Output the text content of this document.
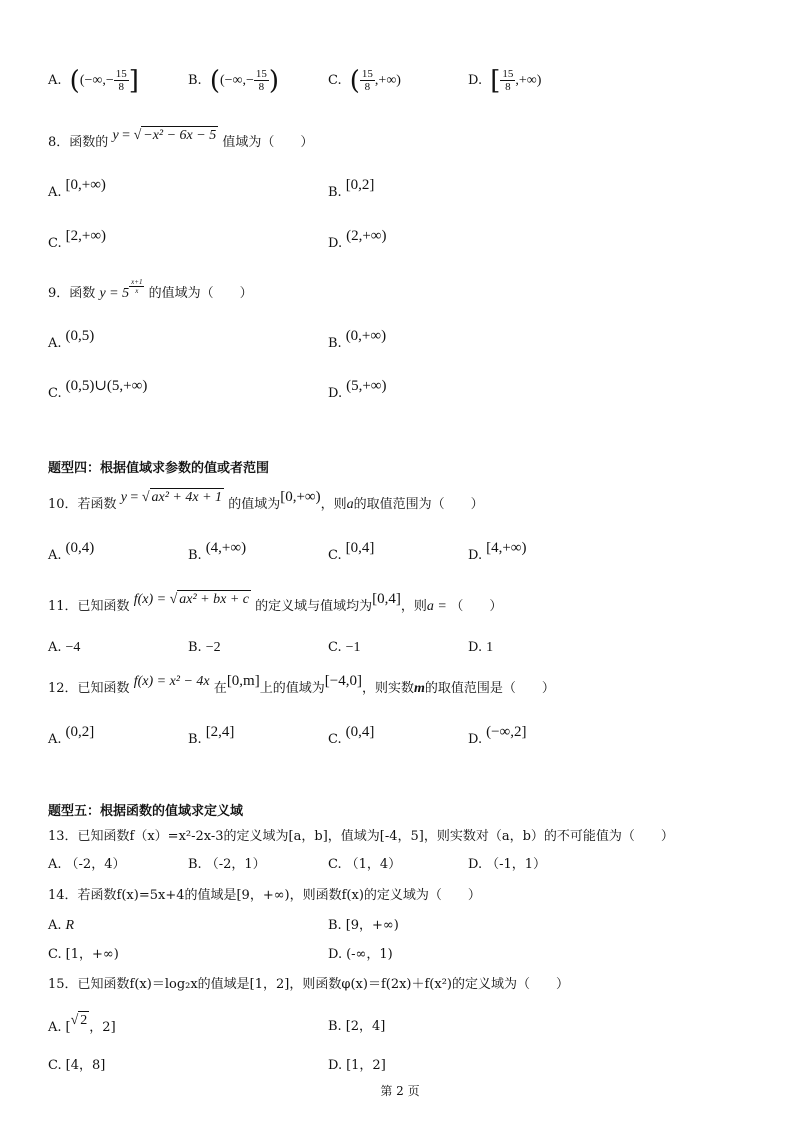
A. ((−∞,− $\frac{15}{8}$ ]	B. ((−∞,− $\frac{15}{8}$ )	C. ( $\frac{15}{8}$ ,+∞)	D. [ $\frac{15}{8}$ ,+∞)
8．函数的 y = √ −x² − 6x − 5 值域为（　　）
A. [0,+∞)	B. [0,2]
C. [2,+∞)	D. (2,+∞)
9．函数 $y = 5 \frac{x+1}{x}$ 的值域为（　　）
A. (0,5)	B. (0,+∞)
C. (0,5)∪(5,+∞)	D. (5,+∞)
题型四：根据值域求参数的值或者范围
10．若函数 y = √ ax² + 4x + 1 的值域为[0,+∞)，则a的取值范围为（　　）
A. (0,4)	B. (4,+∞)	C. [0,4]	D. [4,+∞)
11．已知函数 f(x) = √ ax² + bx + c 的定义域与值域均为[0,4]，则a = （　　）
A. −4	B. −2	C. −1	D. 1
12．已知函数 f(x) = x² − 4x 在[0,m]上的值域为[−4,0]，则实数m的取值范围是（　　）
A. (0,2]	B. [2,4]	C. (0,4]	D. (−∞,2]
题型五：根据函数的值域求定义域
13．已知函数f（x）=x²-2x-3的定义域为[a，b]，值域为[-4，5]，则实数对（a，b）的不可能值为（　　）
A. （-2，4）	B. （-2，1）	C. （1，4）	D. （-1，1）
14．若函数f(x)=5x+4的值域是[9，+∞)，则函数f(x)的定义域为（　　）
A. R	B. [9，+∞)
C. [1，+∞)	D. (-∞，1)
15．已知函数f(x)＝log₂x的值域是[1，2]，则函数φ(x)＝f(2x)＋f(x²)的定义域为（　　）
A. [√ 2 ，2]	B. [2，4]
C. [4，8]	D. [1，2]
第 2 页
